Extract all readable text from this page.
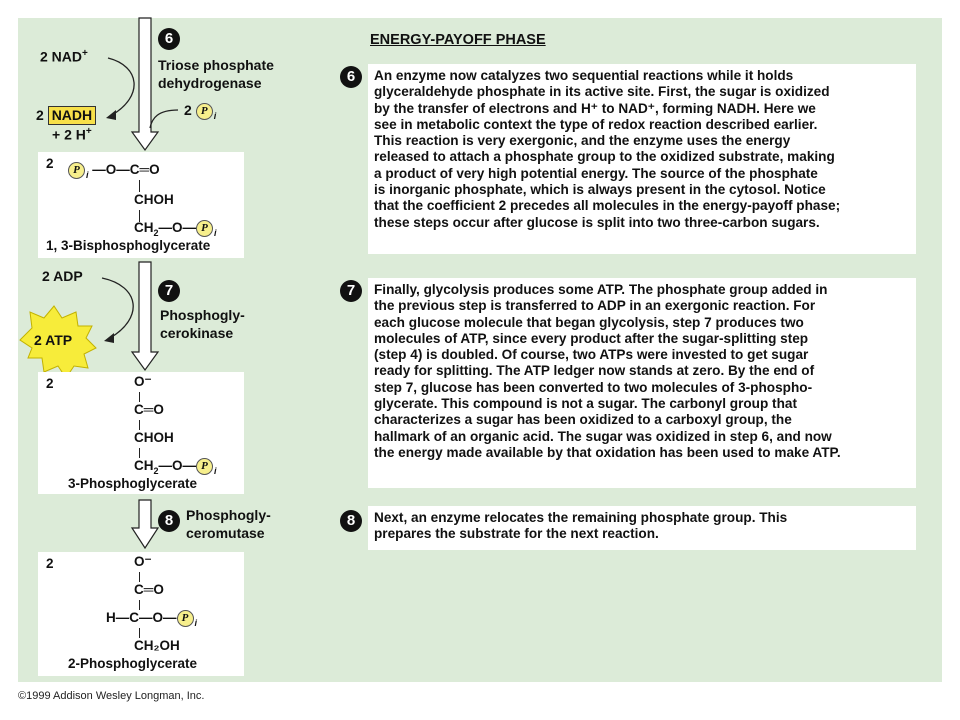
6
7
8
Triose phosphate
dehydrogenase
Phosphogly-
cerokinase
Phosphogly-
ceromutase
2 NAD+
2 NADH
+ 2 H+
2 P $_i$
2 ADP
2 ATP
2	P $_i$ —O—C═O
CHOH
$CH_2—O—$ P $_i$
1, 3-Bisphosphoglycerate
2	O⁻
C═O
CHOH
$CH_2—O—$ P $_i$
3-Phosphoglycerate
2	O⁻
C═O
H—C—O— P $_i$
CH₂OH
2-Phosphoglycerate
ENERGY-PAYOFF PHASE
6	An enzyme now catalyzes two sequential reactions while it holds
glyceraldehyde phosphate in its active site. First, the sugar is oxidized
by the transfer of electrons and H⁺ to NAD⁺, forming NADH. Here we
see in metabolic context the type of redox reaction described earlier.
This reaction is very exergonic, and the enzyme uses the energy
released to attach a phosphate group to the oxidized substrate, making
a product of very high potential energy. The source of the phosphate
is inorganic phosphate, which is always present in the cytosol. Notice
that the coefficient 2 precedes all molecules in the energy-payoff phase;
these steps occur after glucose is split into two three-carbon sugars.
7	Finally, glycolysis produces some ATP. The phosphate group added in
the previous step is transferred to ADP in an exergonic reaction. For
each glucose molecule that began glycolysis, step 7 produces two
molecules of ATP, since every product after the sugar-splitting step
(step 4) is doubled. Of course, two ATPs were invested to get sugar
ready for splitting. The ATP ledger now stands at zero. By the end of
step 7, glucose has been converted to two molecules of 3-phospho-
glycerate. This compound is not a sugar. The carbonyl group that
characterizes a sugar has been oxidized to a carboxyl group, the
hallmark of an organic acid. The sugar was oxidized in step 6, and now
the energy made available by that oxidation has been used to make ATP.
8	Next, an enzyme relocates the remaining phosphate group. This
prepares the substrate for the next reaction.
©1999 Addison Wesley Longman, Inc.
